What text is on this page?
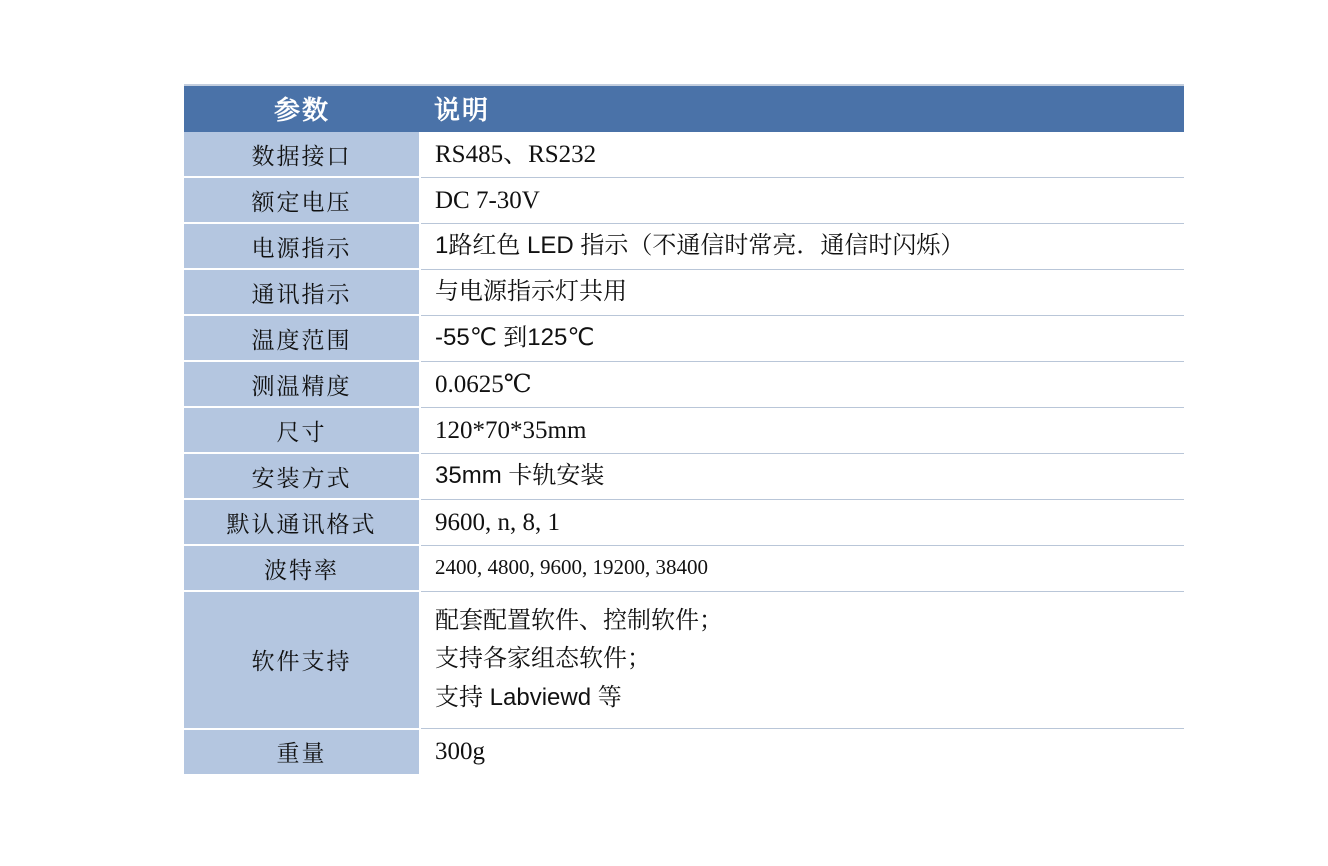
参数	说明
数据接口	RS485、RS232
额定电压	DC 7-30V
电源指示	1路红色 LED 指示（不通信时常亮．通信时闪烁）
通讯指示	与电源指示灯共用
温度范围	-55℃ 到125℃
测温精度	0.0625℃
尺寸	120*70*35mm
安装方式	35mm 卡轨安装
默认通讯格式	9600, n, 8, 1
波特率	2400, 4800, 9600, 19200, 38400
软件支持	配套配置软件、控制软件；
支持各家组态软件；
支持 Labviewd 等

重量	300g
